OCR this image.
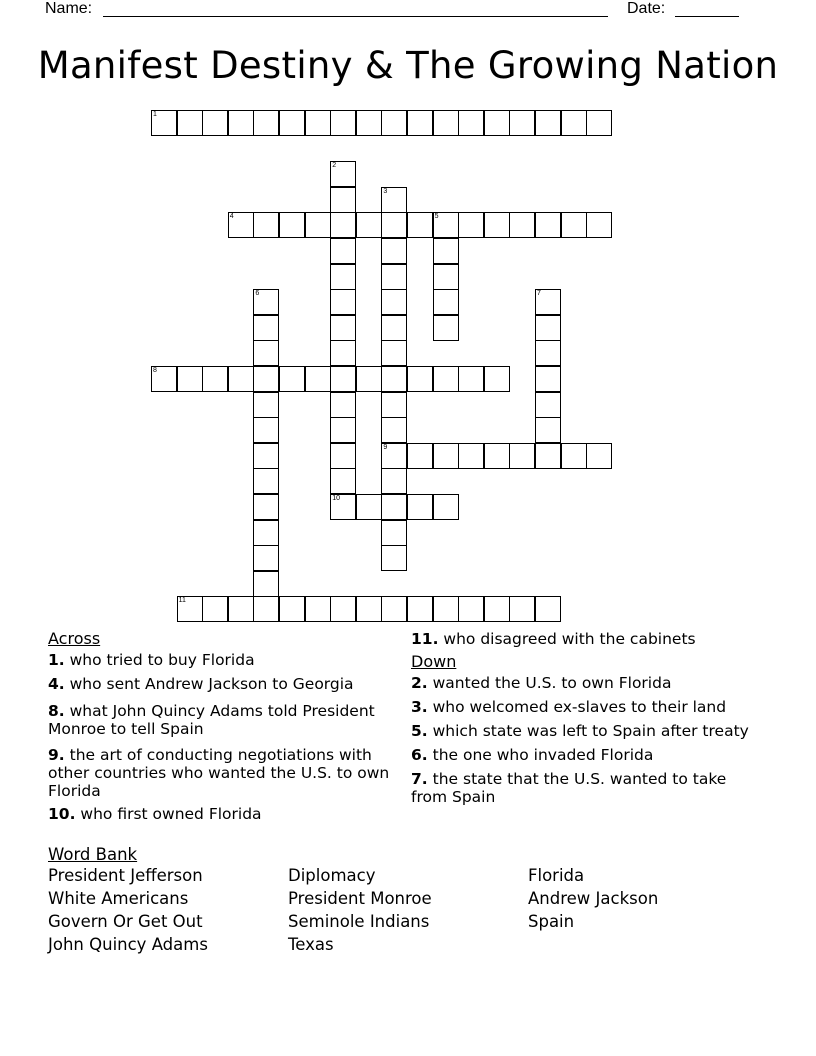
Name:	Date:
Manifest Destiny & The Growing Nation
1
2
3
9
4	5
6	7
8
10
11
Across
1. who tried to buy Florida
4. who sent Andrew Jackson to Georgia
8. what John Quincy Adams told President Monroe to tell Spain
9. the art of conducting negotiations with other countries who wanted the U.S. to own Florida
10. who first owned Florida
11. who disagreed with the cabinets
Down
2. wanted the U.S. to own Florida
3. who welcomed ex-slaves to their land
5. which state was left to Spain after treaty
6. the one who invaded Florida
7. the state that the U.S. wanted to take from Spain
Word Bank
President Jefferson	Diplomacy	Florida
White Americans	President Monroe	Andrew Jackson
Govern Or Get Out	Seminole Indians	Spain
John Quincy Adams	Texas
